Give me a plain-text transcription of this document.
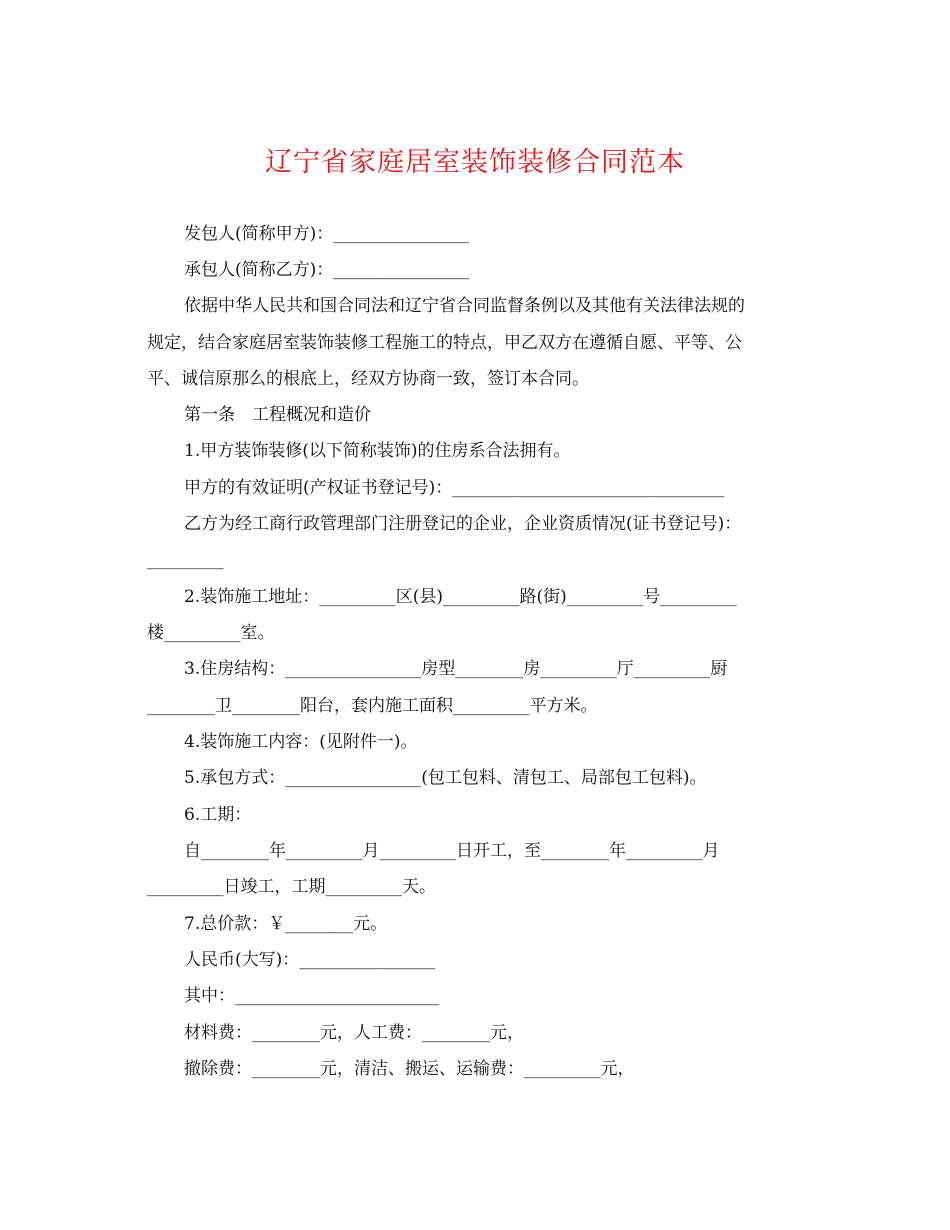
辽宁省家庭居室装饰装修合同范本
发包人(简称甲方)：________________
承包人(简称乙方)：________________
依据中华人民共和国合同法和辽宁省合同监督条例以及其他有关法律法规的
规定，结合家庭居室装饰装修工程施工的特点，甲乙双方在遵循自愿、平等、公
平、诚信原那么的根底上，经双方协商一致，签订本合同。
第一条　工程概况和造价
1.甲方装饰装修(以下简称装饰)的住房系合法拥有。
甲方的有效证明(产权证书登记号)：________________________________
乙方为经工商行政管理部门注册登记的企业，企业资质情况(证书登记号)：
_________
2.装饰施工地址：_________区(县)_________路(街)_________号_________
楼_________室。
3.住房结构：________________房型________房_________厅_________厨
________卫________阳台，套内施工面积_________平方米。
4.装饰施工内容：(见附件一)。
5.承包方式：________________(包工包料、清包工、局部包工包料)。
6.工期：
自________年_________月_________日开工，至________年_________月
_________日竣工，工期_________天。
7.总价款：￥________元。
人民币(大写)：________________
其中：________________________
材料费：________元，人工费：________元，
撤除费：________元，清洁、搬运、运输费：_________元，
